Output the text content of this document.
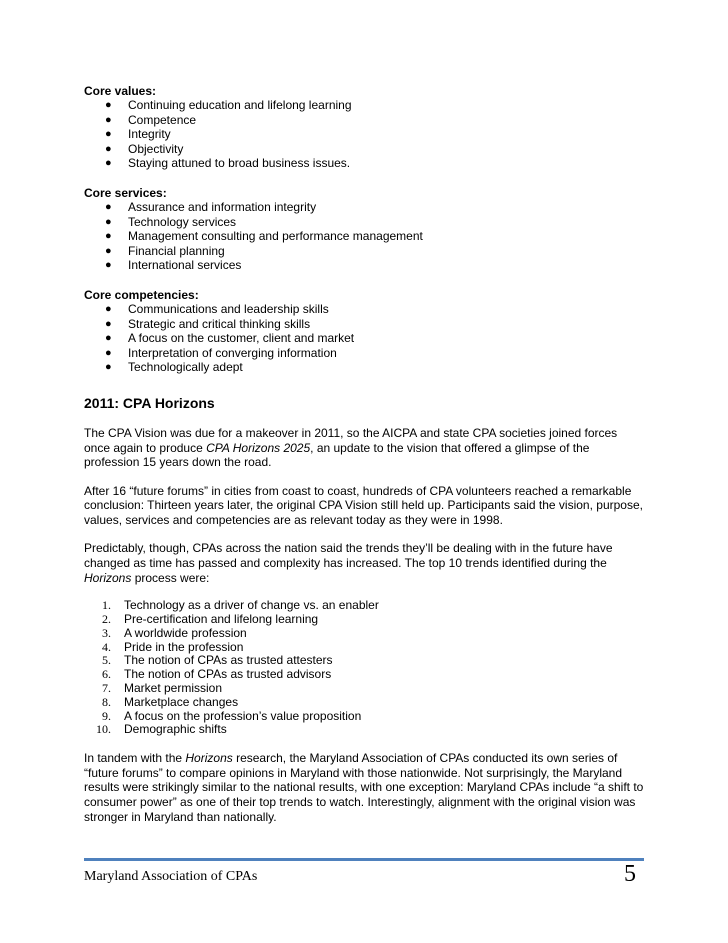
Core values:

● Continuing education and lifelong learning
● Competence
● Integrity
● Objectivity
● Staying attuned to broad business issues.

Core services:

● Assurance and information integrity
● Technology services
● Management consulting and performance management
● Financial planning
● International services

Core competencies:

● Communications and leadership skills
● Strategic and critical thinking skills
● A focus on the customer, client and market
● Interpretation of converging information
● Technologically adept
2011: CPA Horizons

The CPA Vision was due for a makeover in 2011, so the AICPA and state CPA societies joined forces once again to produce CPA Horizons 2025, an update to the vision that offered a glimpse of the profession 15 years down the road.

After 16 “future forums” in cities from coast to coast, hundreds of CPA volunteers reached a remarkable conclusion: Thirteen years later, the original CPA Vision still held up. Participants said the vision, purpose, values, services and competencies are as relevant today as they were in 1998.

Predictably, though, CPAs across the nation said the trends they’ll be dealing with in the future have changed as time has passed and complexity has increased. The top 10 trends identified during the Horizons process were:

1. Technology as a driver of change vs. an enabler
2. Pre-certification and lifelong learning
3. A worldwide profession
4. Pride in the profession
5. The notion of CPAs as trusted attesters
6. The notion of CPAs as trusted advisors
7. Market permission
8. Marketplace changes
9. A focus on the profession’s value proposition
10. Demographic shifts

In tandem with the Horizons research, the Maryland Association of CPAs conducted its own series of “future forums” to compare opinions in Maryland with those nationwide. Not surprisingly, the Maryland results were strikingly similar to the national results, with one exception: Maryland CPAs include “a shift to consumer power” as one of their top trends to watch. Interestingly, alignment with the original vision was stronger in Maryland than nationally.

Maryland Association of CPAs	5
